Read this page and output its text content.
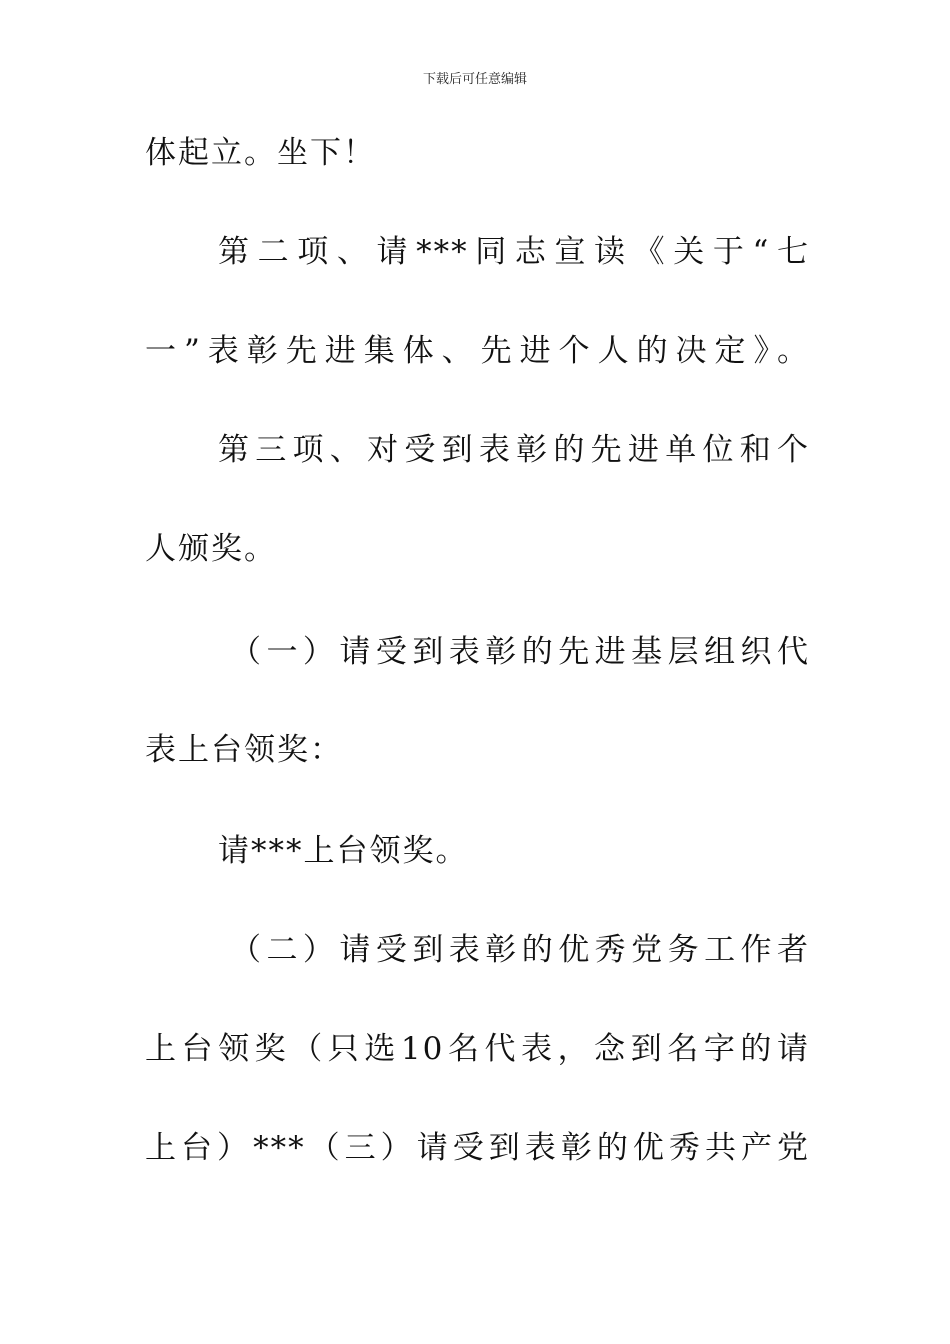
下载后可任意编辑
体起立。坐下！
第二项、请***同志宣读《关于“七
一”表彰先进集体、先进个人的决定》。
第三项、对受到表彰的先进单位和个
人颁奖。
（一）请受到表彰的先进基层组织代
表上台领奖：
请***上台领奖。
（二）请受到表彰的优秀党务工作者
上台领奖（只选10名代表，念到名字的请
上台）***（三）请受到表彰的优秀共产党
